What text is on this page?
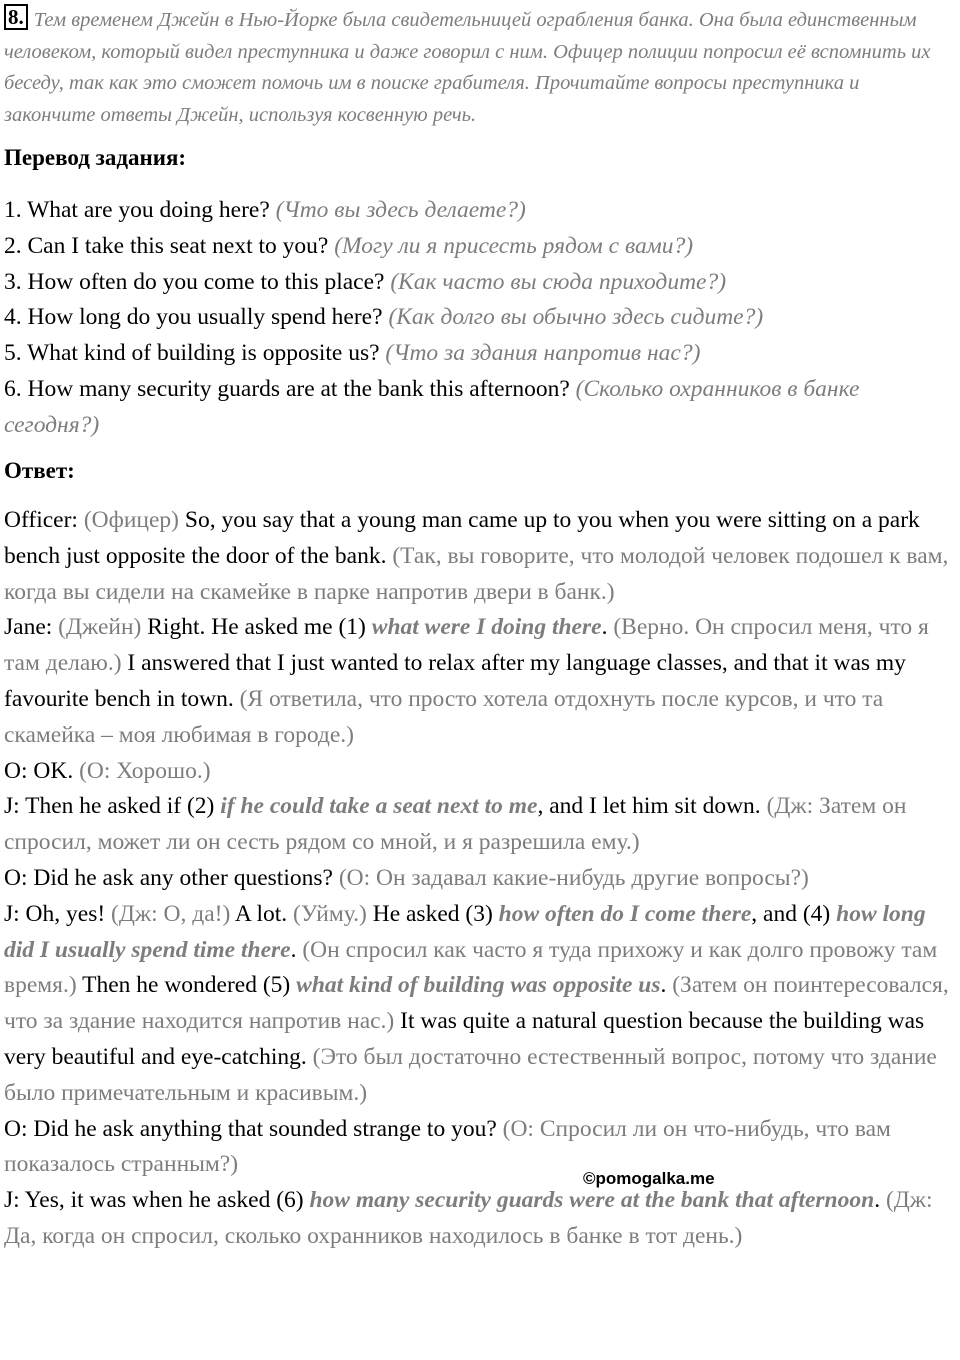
8. Тем временем Джейн в Нью-Йорке была свидетельницей ограбления банка. Она была единственным человеком, который видел преступника и даже говорил с ним. Офицер полиции попросил её вспомнить их беседу, так как это сможет помочь им в поиске грабителя. Прочитайте вопросы преступника и закончите ответы Джейн, используя косвенную речь.
Перевод задания:
1. What are you doing here? (Что вы здесь делаете?)
2. Can I take this seat next to you? (Могу ли я присесть рядом с вами?)
3. How often do you come to this place? (Как часто вы сюда приходите?)
4. How long do you usually spend here? (Как долго вы обычно здесь сидите?)
5. What kind of building is opposite us? (Что за здания напротив нас?)
6. How many security guards are at the bank this afternoon? (Сколько охранников в банке сегодня?)
Ответ:
Officer: (Офицер) So, you say that a young man came up to you when you were sitting on a park bench just opposite the door of the bank. (Так, вы говорите, что молодой человек подошел к вам, когда вы сидели на скамейке в парке напротив двери в банк.)
Jane: (Джейн) Right. He asked me (1) what were I doing there. (Верно. Он спросил меня, что я там делаю.) I answered that I just wanted to relax after my language classes, and that it was my favourite bench in town. (Я ответила, что просто хотела отдохнуть после курсов, и что та скамейка – моя любимая в городе.)
O: OK. (О: Хорошо.)
J: Then he asked if (2) if he could take a seat next to me, and I let him sit down. (Дж: Затем он спросил, может ли он сесть рядом со мной, и я разрешила ему.)
O: Did he ask any other questions? (О: Он задавал какие-нибудь другие вопросы?)
J: Oh, yes! (Дж: О, да!) A lot. (Уйму.) He asked (3) how often do I come there, and (4) how long did I usually spend time there. (Он спросил как часто я туда прихожу и как долго провожу там время.) Then he wondered (5) what kind of building was opposite us. (Затем он поинтересовался, что за здание находится напротив нас.) It was quite a natural question because the building was very beautiful and eye-catching. (Это был достаточно естественный вопрос, потому что здание было примечательным и красивым.)
O: Did he ask anything that sounded strange to you? (О: Спросил ли он что-нибудь, что вам показалось странным?)
J: Yes, it was when he asked (6) how many security guards were at the bank that afternoon. (Дж: Да, когда он спросил, сколько охранников находилось в банке в тот день.)
©pomogalka.me
